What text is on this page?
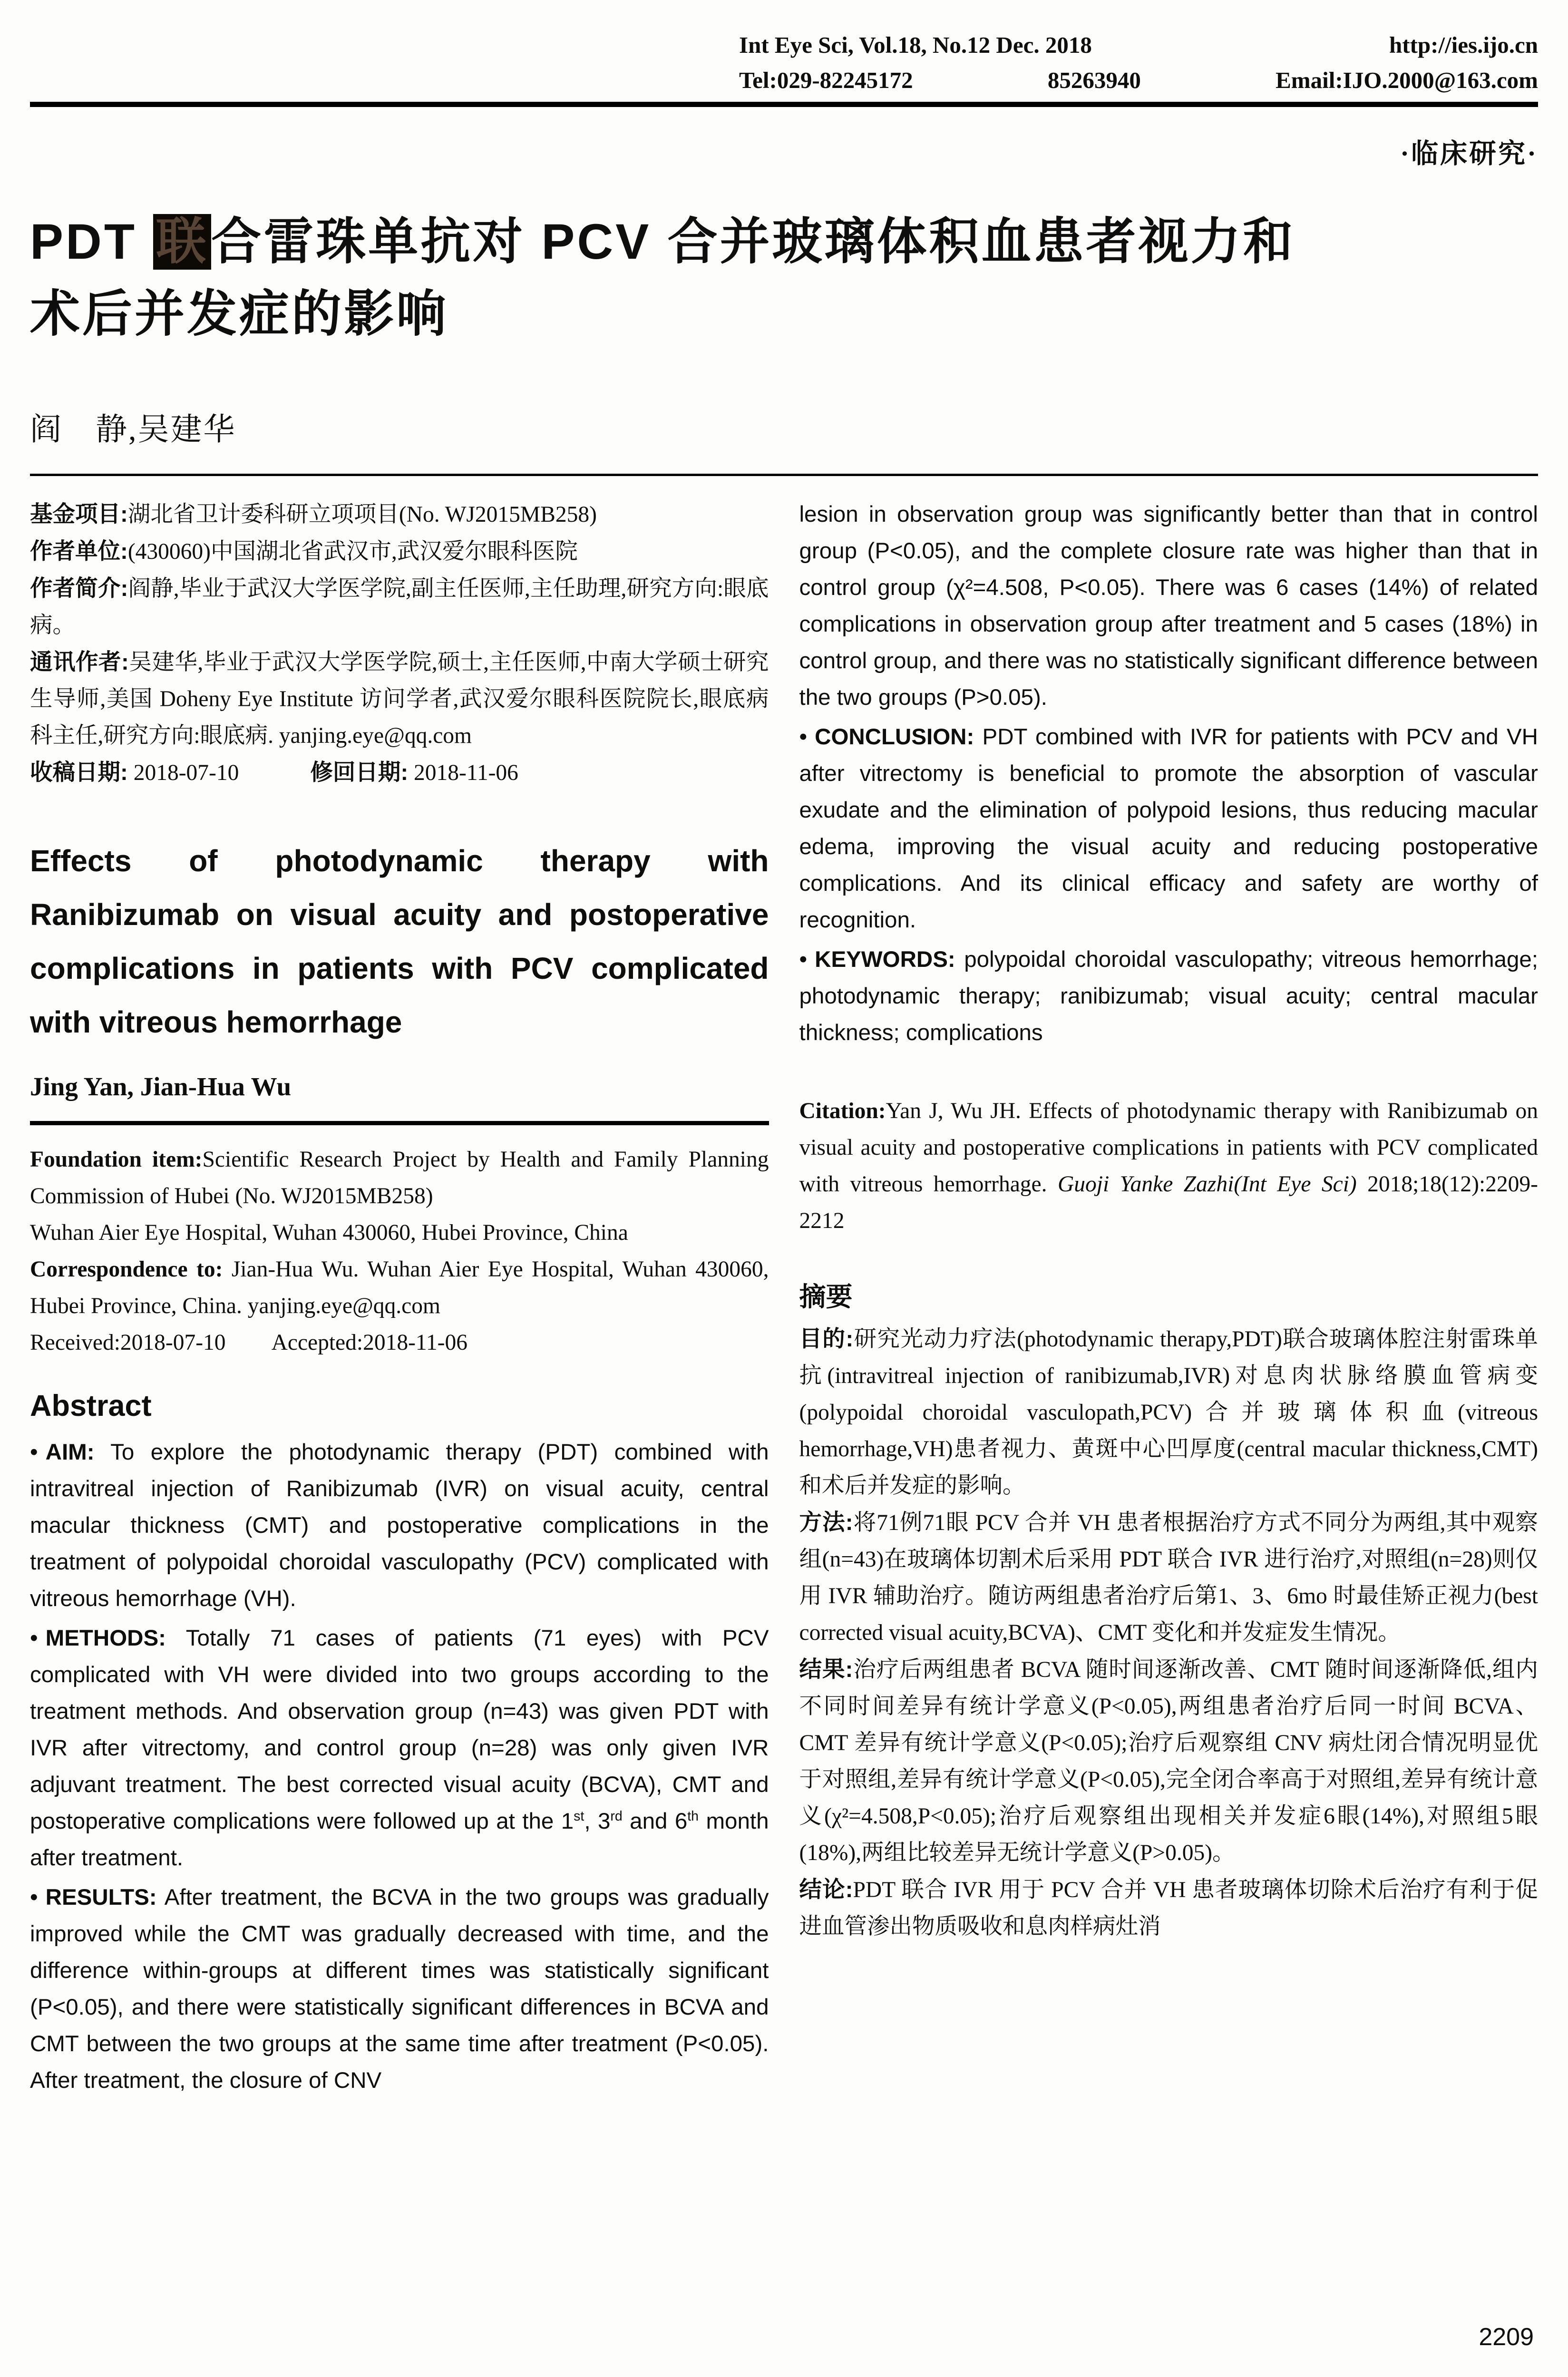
Int Eye Sci, Vol.18, No.12 Dec. 2018	http://ies.ijo.cn
Tel:029-82245172	85263940	Email:IJO.2000@163.com
·临床研究·
PDT 联合雷珠单抗对 PCV 合并玻璃体积血患者视力和
术后并发症的影响
阎　静,吴建华

基金项目:湖北省卫计委科研立项项目(No. WJ2015MB258)

作者单位:(430060)中国湖北省武汉市,武汉爱尔眼科医院

作者简介:阎静,毕业于武汉大学医学院,副主任医师,主任助理,研究方向:眼底病。

通讯作者:吴建华,毕业于武汉大学医学院,硕士,主任医师,中南大学硕士研究生导师,美国 Doheny Eye Institute 访问学者,武汉爱尔眼科医院院长,眼底病科主任,研究方向:眼底病. yanjing.eye@qq.com

收稿日期: 2018-07-10	修回日期: 2018-11-06

Effects of photodynamic therapy with Ranibizumab on visual acuity and postoperative complications in patients with PCV complicated with vitreous hemorrhage
Jing Yan, Jian-Hua Wu

Foundation item:Scientific Research Project by Health and Family Planning Commission of Hubei (No. WJ2015MB258)

Wuhan Aier Eye Hospital, Wuhan 430060, Hubei Province, China

Correspondence to: Jian-Hua Wu. Wuhan Aier Eye Hospital, Wuhan 430060, Hubei Province, China. yanjing.eye@qq.com

Received:2018-07-10 Accepted:2018-11-06

Abstract

• AIM: To explore the photodynamic therapy (PDT) combined with intravitreal injection of Ranibizumab (IVR) on visual acuity, central macular thickness (CMT) and postoperative complications in the treatment of polypoidal choroidal vasculopathy (PCV) complicated with vitreous hemorrhage (VH).

• METHODS: Totally 71 cases of patients (71 eyes) with PCV complicated with VH were divided into two groups according to the treatment methods. And observation group (n=43) was given PDT with IVR after vitrectomy, and control group (n=28) was only given IVR adjuvant treatment. The best corrected visual acuity (BCVA), CMT and postoperative complications were followed up at the 1st, 3rd and 6th month after treatment.

• RESULTS: After treatment, the BCVA in the two groups was gradually improved while the CMT was gradually decreased with time, and the difference within-groups at different times was statistically significant (P<0.05), and there were statistically significant differences in BCVA and CMT between the two groups at the same time after treatment (P<0.05). After treatment, the closure of CNV

lesion in observation group was significantly better than that in control group (P<0.05), and the complete closure rate was higher than that in control group (χ²=4.508, P<0.05). There was 6 cases (14%) of related complications in observation group after treatment and 5 cases (18%) in control group, and there was no statistically significant difference between the two groups (P>0.05).

• CONCLUSION: PDT combined with IVR for patients with PCV and VH after vitrectomy is beneficial to promote the absorption of vascular exudate and the elimination of polypoid lesions, thus reducing macular edema, improving the visual acuity and reducing postoperative complications. And its clinical efficacy and safety are worthy of recognition.

• KEYWORDS: polypoidal choroidal vasculopathy; vitreous hemorrhage; photodynamic therapy; ranibizumab; visual acuity; central macular thickness; complications

Citation:Yan J, Wu JH. Effects of photodynamic therapy with Ranibizumab on visual acuity and postoperative complications in patients with PCV complicated with vitreous hemorrhage. Guoji Yanke Zazhi(Int Eye Sci) 2018;18(12):2209-2212

摘要

目的:研究光动力疗法(photodynamic therapy,PDT)联合玻璃体腔注射雷珠单抗(intravitreal injection of ranibizumab,IVR)对息肉状脉络膜血管病变(polypoidal choroidal vasculopath,PCV)合并玻璃体积血(vitreous hemorrhage,VH)患者视力、黄斑中心凹厚度(central macular thickness,CMT)和术后并发症的影响。

方法:将71例71眼 PCV 合并 VH 患者根据治疗方式不同分为两组,其中观察组(n=43)在玻璃体切割术后采用 PDT 联合 IVR 进行治疗,对照组(n=28)则仅用 IVR 辅助治疗。随访两组患者治疗后第1、3、6mo 时最佳矫正视力(best corrected visual acuity,BCVA)、CMT 变化和并发症发生情况。

结果:治疗后两组患者 BCVA 随时间逐渐改善、CMT 随时间逐渐降低,组内不同时间差异有统计学意义(P<0.05),两组患者治疗后同一时间 BCVA、CMT 差异有统计学意义(P<0.05);治疗后观察组 CNV 病灶闭合情况明显优于对照组,差异有统计学意义(P<0.05),完全闭合率高于对照组,差异有统计意义(χ²=4.508,P<0.05);治疗后观察组出现相关并发症6眼(14%),对照组5眼(18%),两组比较差异无统计学意义(P>0.05)。

结论:PDT 联合 IVR 用于 PCV 合并 VH 患者玻璃体切除术后治疗有利于促进血管渗出物质吸收和息肉样病灶消

2209
